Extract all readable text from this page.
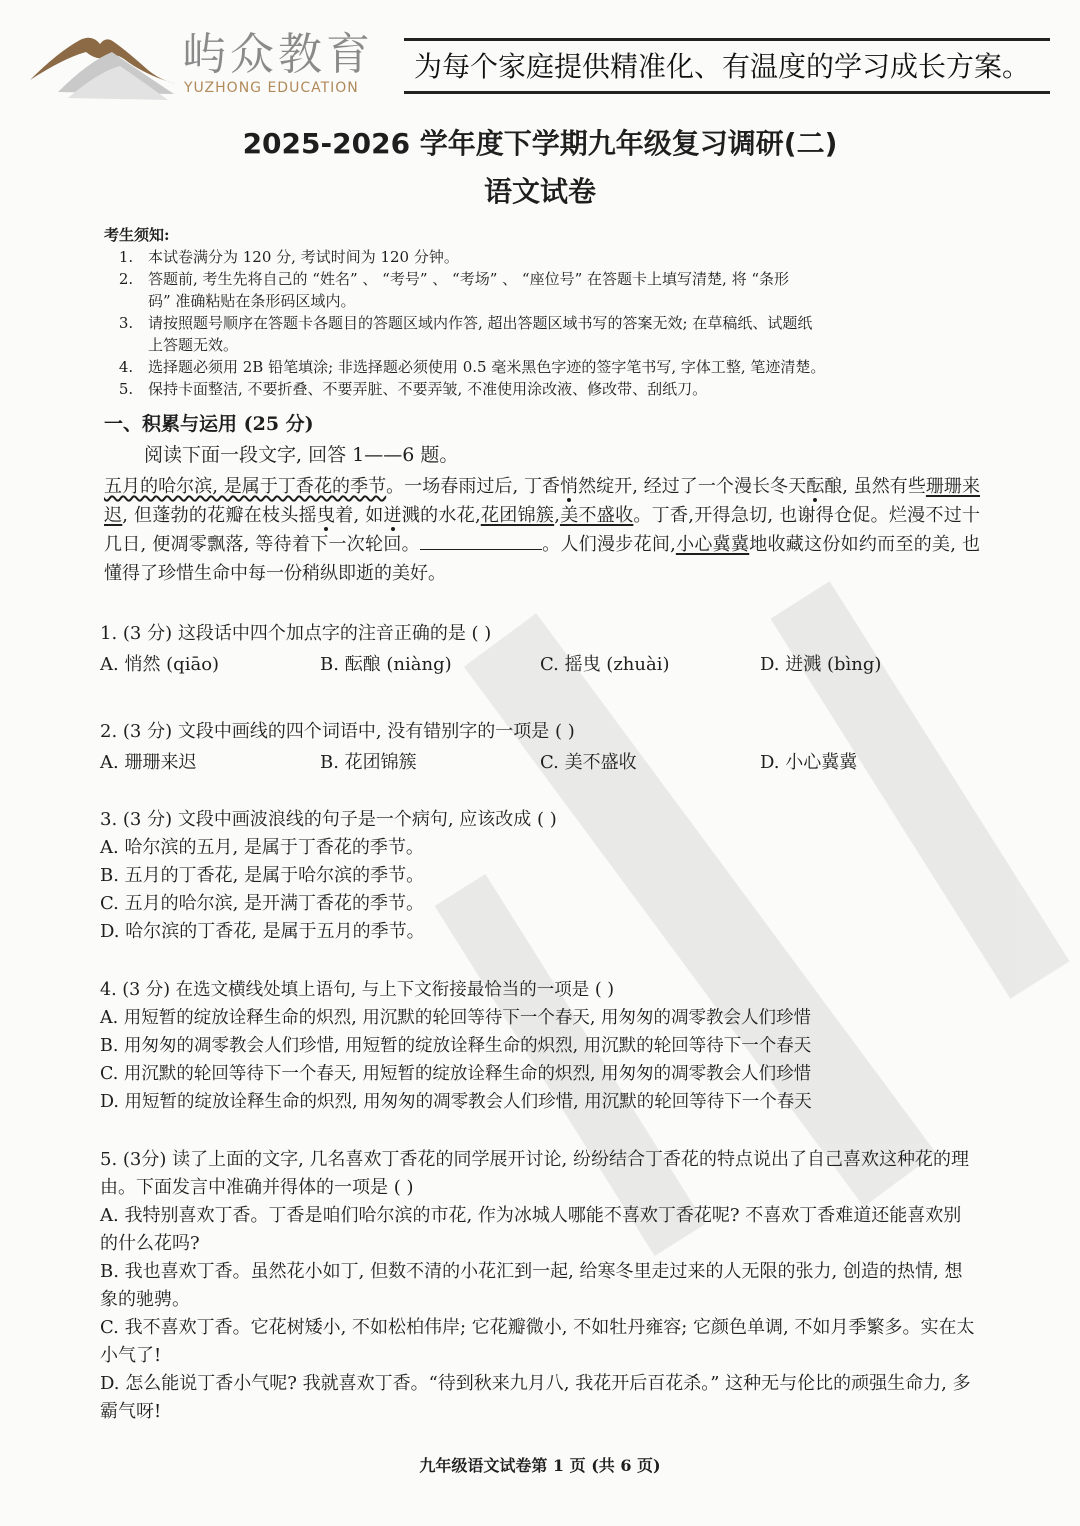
屿众教育
YUZHONG EDUCATION
为每个家庭提供精准化、有温度的学习成长方案。
2025-2026 学年度下学期九年级复习调研(二)
语文试卷
考生须知:
1. 本试卷满分为 120 分, 考试时间为 120 分钟。
2. 答题前, 考生先将自己的 “姓名” 、 “考号” 、 “考场” 、 “座位号” 在答题卡上填写清楚, 将 “条形
码” 准确粘贴在条形码区域内。
3. 请按照题号顺序在答题卡各题目的答题区域内作答, 超出答题区域书写的答案无效; 在草稿纸、试题纸
上答题无效。
4. 选择题必须用 2B 铅笔填涂; 非选择题必须使用 0.5 毫米黑色字迹的签字笔书写, 字体工整, 笔迹清楚。
5. 保持卡面整洁, 不要折叠、不要弄脏、不要弄皱, 不准使用涂改液、修改带、刮纸刀。
一、积累与运用 (25 分)
阅读下面一段文字, 回答 1——6 题。
五月的哈尔滨, 是属于丁香花的季节。一场春雨过后, 丁香悄然绽开, 经过了一个漫长冬天酝酿, 虽然有些珊珊来迟, 但蓬勃的花瓣在枝头摇曳着, 如迸溅的水花,花团锦簇,美不盛收。丁香,开得急切, 也谢得仓促。烂漫不过十几日, 便凋零飘落, 等待着下一次轮回。	。人们漫步花间,小心冀冀地收藏这份如约而至的美, 也懂得了珍惜生命中每一份稍纵即逝的美好。
1. (3 分) 这段话中四个加点字的注音正确的是 ( )
A. 悄然 (qiāo)	B. 酝酿 (niàng)	C. 摇曳 (zhuài)	D. 迸溅 (bìng)
2. (3 分) 文段中画线的四个词语中, 没有错别字的一项是 ( )
A. 珊珊来迟	B. 花团锦簇	C. 美不盛收	D. 小心冀冀
3. (3 分) 文段中画波浪线的句子是一个病句, 应该改成 ( )
A. 哈尔滨的五月, 是属于丁香花的季节。
B. 五月的丁香花, 是属于哈尔滨的季节。
C. 五月的哈尔滨, 是开满丁香花的季节。
D. 哈尔滨的丁香花, 是属于五月的季节。
4. (3 分) 在选文横线处填上语句, 与上下文衔接最恰当的一项是 ( )
A. 用短暂的绽放诠释生命的炽烈, 用沉默的轮回等待下一个春天, 用匆匆的凋零教会人们珍惜
B. 用匆匆的凋零教会人们珍惜, 用短暂的绽放诠释生命的炽烈, 用沉默的轮回等待下一个春天
C. 用沉默的轮回等待下一个春天, 用短暂的绽放诠释生命的炽烈, 用匆匆的凋零教会人们珍惜
D. 用短暂的绽放诠释生命的炽烈, 用匆匆的凋零教会人们珍惜, 用沉默的轮回等待下一个春天
5. (3分) 读了上面的文字, 几名喜欢丁香花的同学展开讨论, 纷纷结合丁香花的特点说出了自己喜欢这种花的理由。下面发言中准确并得体的一项是 ( )
A. 我特别喜欢丁香。丁香是咱们哈尔滨的市花, 作为冰城人哪能不喜欢丁香花呢? 不喜欢丁香难道还能喜欢别的什么花吗?
B. 我也喜欢丁香。虽然花小如丁, 但数不清的小花汇到一起, 给寒冬里走过来的人无限的张力, 创造的热情, 想象的驰骋。
C. 我不喜欢丁香。它花树矮小, 不如松柏伟岸; 它花瓣微小, 不如牡丹雍容; 它颜色单调, 不如月季繁多。实在太小气了!
D. 怎么能说丁香小气呢? 我就喜欢丁香。“待到秋来九月八, 我花开后百花杀。” 这种无与伦比的顽强生命力, 多霸气呀!
九年级语文试卷第 1 页 (共 6 页)
